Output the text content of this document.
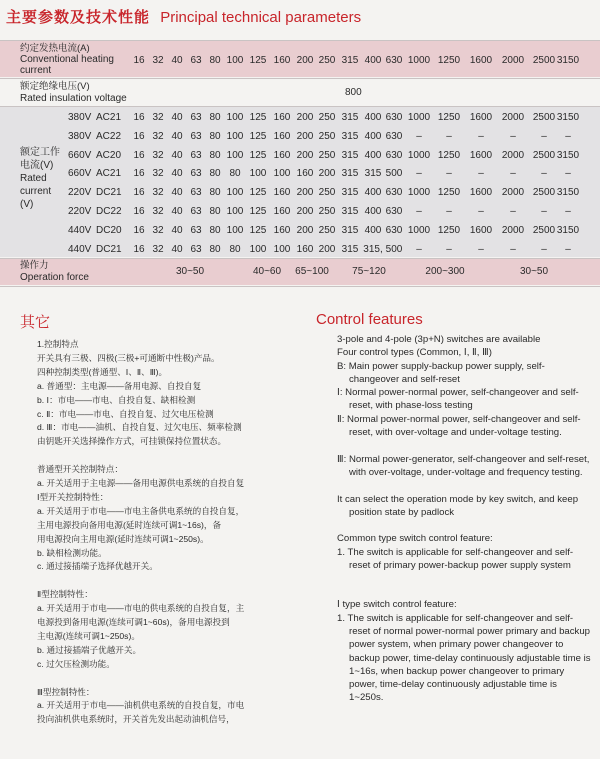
主要参数及技术性能 Principal technical parameters
约定发热电流(A)
Conventional heating
current
16 32 40 63 80 100 125 160 200 250 315 400 630 1000 1250 1600 2000 2500 3150
额定绝缘电压(V)
Rated insulation voltage
800
额定工作
电流(V)
Rated
current
(V)
380V AC21 16 32 40 63 80 100 125 160 200 250 315 400 630 1000 1250 1600 2000 2500 3150
380V AC22 16 32 40 63 80 100 125 160 200 250 315 400 630 – –	–	–	– –
660V AC20 16 32 40 63 80 100 125 160 200 250 315 400 630 1000 1250 1600 2000 2500 3150
660V AC21 16 32 40 63 80 80 100 100 160 200 315 315 500 – –	–	–	– –
220V DC21 16 32 40 63 80 100 125 160 200 250 315 400 630 1000 1250 1600 2000 2500 3150
220V DC22 16 32 40 63 80 100 125 160 200 250 315 400 630 – –	–	–	– –
440V DC20 16 32 40 63 80 100 125 160 200 250 315 400 630 1000 1250 1600 2000 2500 3150
440V DC21 16 32 40 63 80 80 100 100 160 200 315 315, 500 – –	–	–	– –
操作力
Operation force
30~50	40~60 65~100 75~120	200~300	30~50
其它
1.控制特点
开关具有三极、四极(三极+可通断中性极)产品。
四种控制类型(普通型、Ⅰ、Ⅱ、Ⅲ)。
a. 普通型：主电源——备用电源、自投自复
b. Ⅰ：市电——市电、自投自复、缺相检测
c. Ⅱ：市电——市电、自投自复、过欠电压检测
d. Ⅲ：市电——油机、自投自复、过欠电压、频率检测
由钥匙开关选择操作方式，可挂锁保持位置状态。
普通型开关控制特点：
a. 开关适用于主电源——备用电源供电系统的自投自复
Ⅰ型开关控制特性：
a. 开关适用于市电——市电主备供电系统的自投自复，
主用电源投向备用电源(延时连续可调1~16s)，备
用电源投向主用电源(延时连续可调1~250s)。
b. 缺相检测功能。
c. 通过接插端子选择优越开关。
Ⅱ型控制特性：
a. 开关适用于市电——市电的供电系统的自投自复，主
电源投到备用电源(连续可调1~60s)，备用电源投到
主电源(连续可调1~250s)。
b. 通过接插端子优越开关。
c. 过欠压检测功能。
Ⅲ型控制特性：
a. 开关适用于市电——油机供电系统的自投自复，市电
投向油机供电系统时，开关首先发出起动油机信号，
Control features
3-pole and 4-pole (3p+N) switches are available
Four control types (Common, Ⅰ, Ⅱ, Ⅲ)
B: Main power supply-backup power supply, self-changeover and self-reset
Ⅰ: Normal power-normal power, self-changeover and self-reset, with phase-loss testing
Ⅱ: Normal power-normal power, self-changeover and self-reset, with over-voltage and under-voltage testing.
Ⅲ: Normal power-generator, self-changeover and self-reset, with over-voltage, under-voltage and frequency testing.
It can select the operation mode by key switch, and keep position state by padlock
Common type switch control feature:
1. The switch is applicable for self-changeover and self-reset of primary power-backup power supply system
Ⅰ type switch control feature:
1. The switch is applicable for self-changeover and self-reset of normal power-normal power primary and backup power system, when primary power changeover to backup power, time-delay continuously adjustable time is 1~16s, when backup power changeover to primary power, time-delay continuously adjustable time is 1~250s.
